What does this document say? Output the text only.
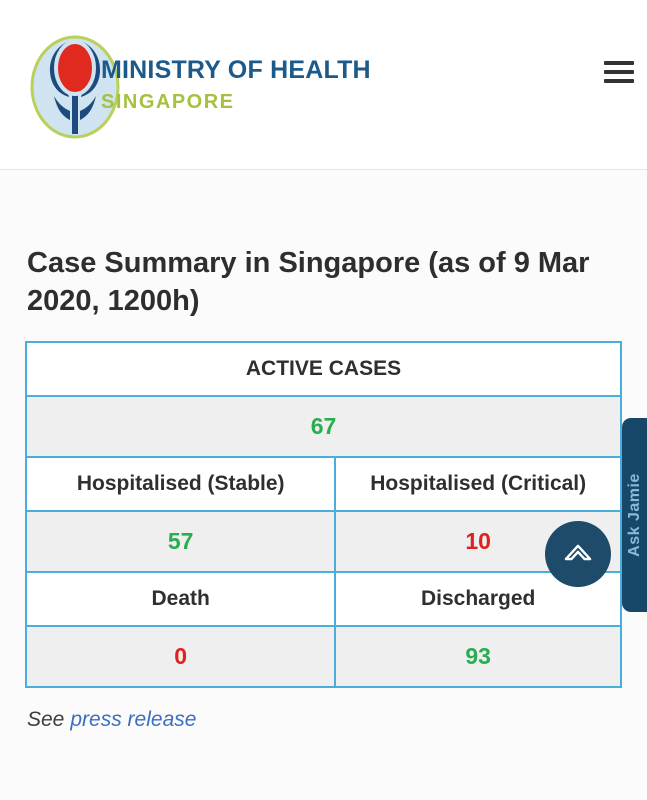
MINISTRY OF HEALTH
SINGAPORE
Case Summary in Singapore (as of 9 Mar 2020, 1200h)
ACTIVE CASES	
67	
Hospitalised (Stable)	Hospitalised (Critical)
57	10
Death	Discharged
0	93

See press release

Ask Jamie
